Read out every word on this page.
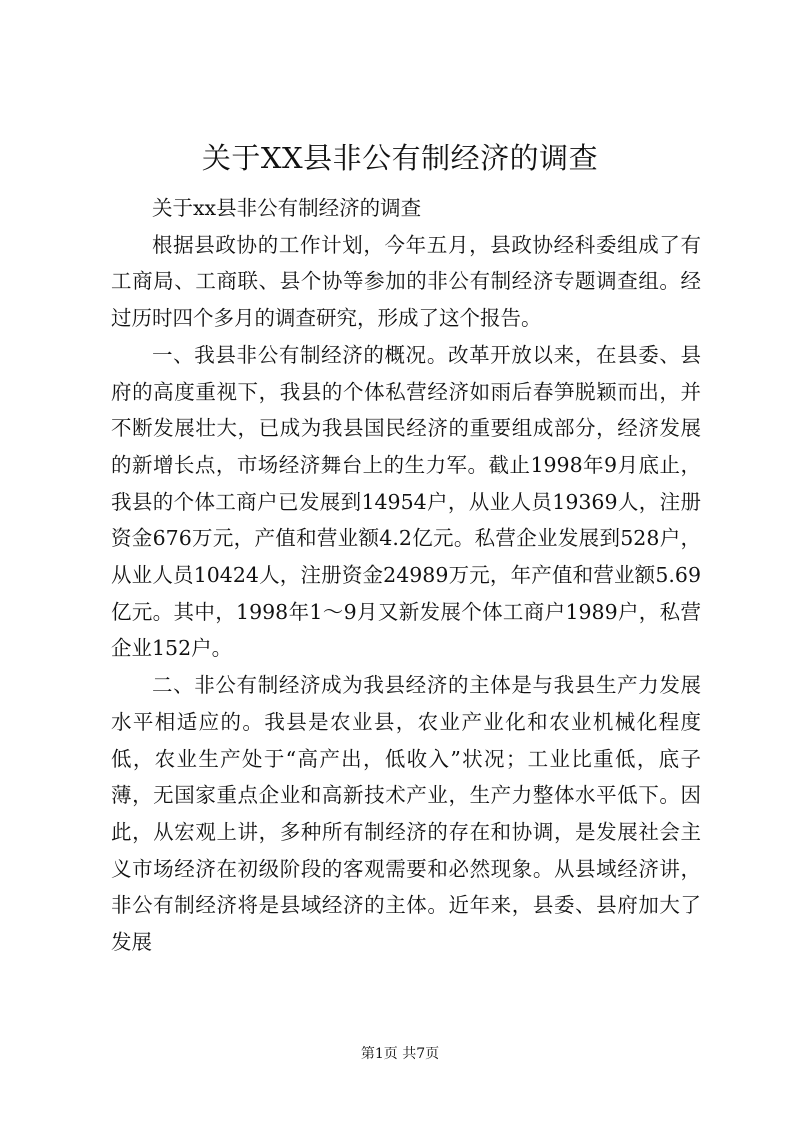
关于XX县非公有制经济的调查

关于xx县非公有制经济的调查

根据县政协的工作计划，今年五月，县政协经科委组成了有工商局、工商联、县个协等参加的非公有制经济专题调查组。经过历时四个多月的调查研究，形成了这个报告。

一、我县非公有制经济的概况。改革开放以来，在县委、县府的高度重视下，我县的个体私营经济如雨后春笋脱颖而出，并不断发展壮大，已成为我县国民经济的重要组成部分，经济发展的新增长点，市场经济舞台上的生力军。截止1998年9月底止，我县的个体工商户已发展到14954户，从业人员19369人，注册资金676万元，产值和营业额4.2亿元。私营企业发展到528户，从业人员10424人，注册资金24989万元，年产值和营业额5.69亿元。其中，1998年1～9月又新发展个体工商户1989户，私营企业152户。

二、非公有制经济成为我县经济的主体是与我县生产力发展水平相适应的。我县是农业县，农业产业化和农业机械化程度低，农业生产处于“高产出，低收入”状况；工业比重低，底子薄，无国家重点企业和高新技术产业，生产力整体水平低下。因此，从宏观上讲，多种所有制经济的存在和协调，是发展社会主义市场经济在初级阶段的客观需要和必然现象。从县域经济讲，非公有制经济将是县域经济的主体。近年来，县委、县府加大了发展

第1页 共7页
